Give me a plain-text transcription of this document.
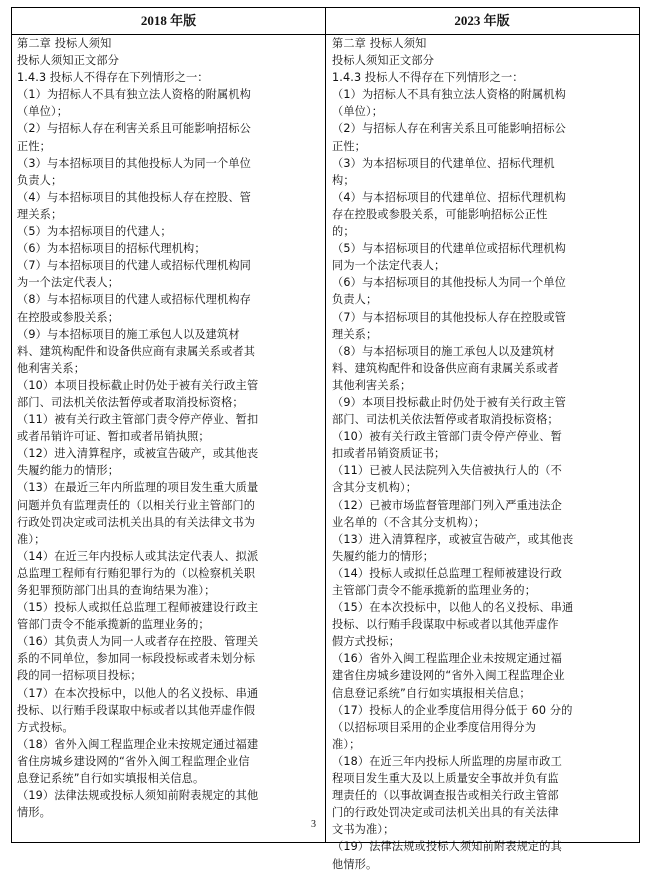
2018 年版	2023 年版
第二章 投标人须知
投标人须知正文部分
1.4.3 投标人不得存在下列情形之一：
（1）为招标人不具有独立法人资格的附属机构
（单位）；
（2）与招标人存在利害关系且可能影响招标公
正性；
（3）与本招标项目的其他投标人为同一个单位
负责人；
（4）与本招标项目的其他投标人存在控股、管
理关系；
（5）为本招标项目的代建人；
（6）为本招标项目的招标代理机构；
（7）与本招标项目的代建人或招标代理机构同
为一个法定代表人；
（8）与本招标项目的代建人或招标代理机构存
在控股或参股关系；
（9）与本招标项目的施工承包人以及建筑材
料、建筑构配件和设备供应商有隶属关系或者其
他利害关系；
（10）本项目投标截止时仍处于被有关行政主管
部门、司法机关依法暂停或者取消投标资格；
（11）被有关行政主管部门责令停产停业、暂扣
或者吊销许可证、暂扣或者吊销执照；
（12）进入清算程序，或被宣告破产，或其他丧
失履约能力的情形；
（13）在最近三年内所监理的项目发生重大质量
问题并负有监理责任的（以相关行业主管部门的
行政处罚决定或司法机关出具的有关法律文书为
准）；
（14）在近三年内投标人或其法定代表人、拟派
总监理工程师有行贿犯罪行为的（以检察机关职
务犯罪预防部门出具的查询结果为准）；
（15）投标人或拟任总监理工程师被建设行政主
管部门责令不能承揽新的监理业务的；
（16）其负责人为同一人或者存在控股、管理关
系的不同单位，参加同一标段投标或者未划分标
段的同一招标项目投标；
（17）在本次投标中，以他人的名义投标、串通
投标、以行贿手段谋取中标或者以其他弄虚作假
方式投标。
（18）省外入闽工程监理企业未按规定通过福建
省住房城乡建设网的“省外入闽工程监理企业信
息登记系统”自行如实填报相关信息。
（19）法律法规或投标人须知前附表规定的其他
情形。
第二章 投标人须知
投标人须知正文部分
1.4.3 投标人不得存在下列情形之一：
（1）为招标人不具有独立法人资格的附属机构
（单位）；
（2）与招标人存在利害关系且可能影响招标公
正性；
（3）为本招标项目的代建单位、招标代理机
构；
（4）与本招标项目的代建单位、招标代理机构
存在控股或参股关系，可能影响招标公正性
的；
（5）与本招标项目的代建单位或招标代理机构
同为一个法定代表人；
（6）与本招标项目的其他投标人为同一个单位
负责人；
（7）与本招标项目的其他投标人存在控股或管
理关系；
（8）与本招标项目的施工承包人以及建筑材
料、建筑构配件和设备供应商有隶属关系或者
其他利害关系；
（9）本项目投标截止时仍处于被有关行政主管
部门、司法机关依法暂停或者取消投标资格；
（10）被有关行政主管部门责令停产停业、暂
扣或者吊销资质证书；
（11）已被人民法院列入失信被执行人的（不
含其分支机构）；
（12）已被市场监督管理部门列入严重违法企
业名单的（不含其分支机构）；
（13）进入清算程序，或被宣告破产，或其他丧
失履约能力的情形；
（14）投标人或拟任总监理工程师被建设行政
主管部门责令不能承揽新的监理业务的；
（15）在本次投标中，以他人的名义投标、串通
投标、以行贿手段谋取中标或者以其他弄虚作
假方式投标；
（16）省外入闽工程监理企业未按规定通过福
建省住房城乡建设网的“省外入闽工程监理企业
信息登记系统”自行如实填报相关信息；
（17）投标人的企业季度信用得分低于 60 分的
（以招标项目采用的企业季度信用得分为
准）；
（18）在近三年内投标人所监理的房屋市政工
程项目发生重大及以上质量安全事故并负有监
理责任的（以事故调查报告或相关行政主管部
门的行政处罚决定或司法机关出具的有关法律
文书为准）；
（19）法律法规或投标人须知前附表规定的其
他情形。
3
